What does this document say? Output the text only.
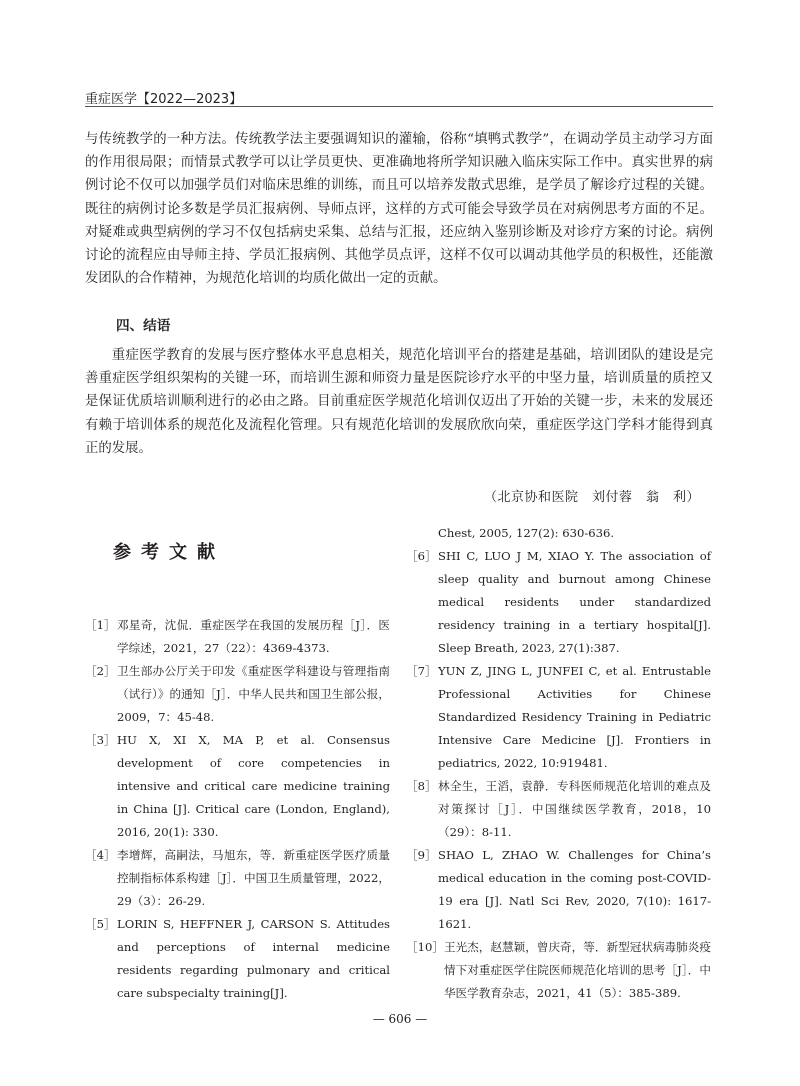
重症医学【2022—2023】

与传统教学的一种方法。传统教学法主要强调知识的灌输，俗称“填鸭式教学”，在调动学员主动学习方面的作用很局限；而情景式教学可以让学员更快、更准确地将所学知识融入临床实际工作中。真实世界的病例讨论不仅可以加强学员们对临床思维的训练，而且可以培养发散式思维，是学员了解诊疗过程的关键。既往的病例讨论多数是学员汇报病例、导师点评，这样的方式可能会导致学员在对病例思考方面的不足。对疑难或典型病例的学习不仅包括病史采集、总结与汇报，还应纳入鉴别诊断及对诊疗方案的讨论。病例讨论的流程应由导师主持、学员汇报病例、其他学员点评，这样不仅可以调动其他学员的积极性，还能激发团队的合作精神，为规范化培训的均质化做出一定的贡献。

四、结语

重症医学教育的发展与医疗整体水平息息相关，规范化培训平台的搭建是基础，培训团队的建设是完善重症医学组织架构的关键一环，而培训生源和师资力量是医院诊疗水平的中坚力量，培训质量的质控又是保证优质培训顺利进行的必由之路。目前重症医学规范化培训仅迈出了开始的关键一步，未来的发展还有赖于培训体系的规范化及流程化管理。只有规范化培训的发展欣欣向荣，重症医学这门学科才能得到真正的发展。

（北京协和医院　刘付蓉　翁　利）
参考文献
［1］ 邓星奇，沈侃．重症医学在我国的发展历程［J］．医学综述，2021，27（22）：4369-4373.
［2］ 卫生部办公厅关于印发《重症医学科建设与管理指南（试行）》的通知［J］．中华人民共和国卫生部公报，2009，7：45-48.
［3］ HU X, XI X, MA P, et al. Consensus development of core competencies in intensive and critical care medicine training in China [J]. Critical care (London, England), 2016, 20(1): 330.
［4］ 李增辉，高嗣法，马旭东，等．新重症医学医疗质量控制指标体系构建［J］．中国卫生质量管理，2022，29（3）：26-29.
［5］ LORIN S, HEFFNER J, CARSON S. Attitudes and perceptions of internal medicine residents regarding pulmonary and critical care subspecialty training[J].
Chest, 2005, 127(2): 630-636.
［6］ SHI C, LUO J M, XIAO Y. The association of sleep quality and burnout among Chinese medical residents under standardized residency training in a tertiary hospital[J]. Sleep Breath, 2023, 27(1):387.
［7］ YUN Z, JING L, JUNFEI C, et al. Entrustable Professional Activities for Chinese Standardized Residency Training in Pediatric Intensive Care Medicine [J]. Frontiers in pediatrics, 2022, 10:919481.
［8］ 林全生，王滔，袁静．专科医师规范化培训的难点及对策探讨［J］．中国继续医学教育，2018，10（29）：8-11.
［9］ SHAO L, ZHAO W. Challenges for China’s medical education in the coming post-COVID-19 era [J]. Natl Sci Rev, 2020, 7(10): 1617-1621.
［10］ 王光杰，赵慧颖，曾庆奇，等．新型冠状病毒肺炎疫情下对重症医学住院医师规范化培训的思考［J］．中华医学教育杂志，2021，41（5）：385-389.
— 606 —
